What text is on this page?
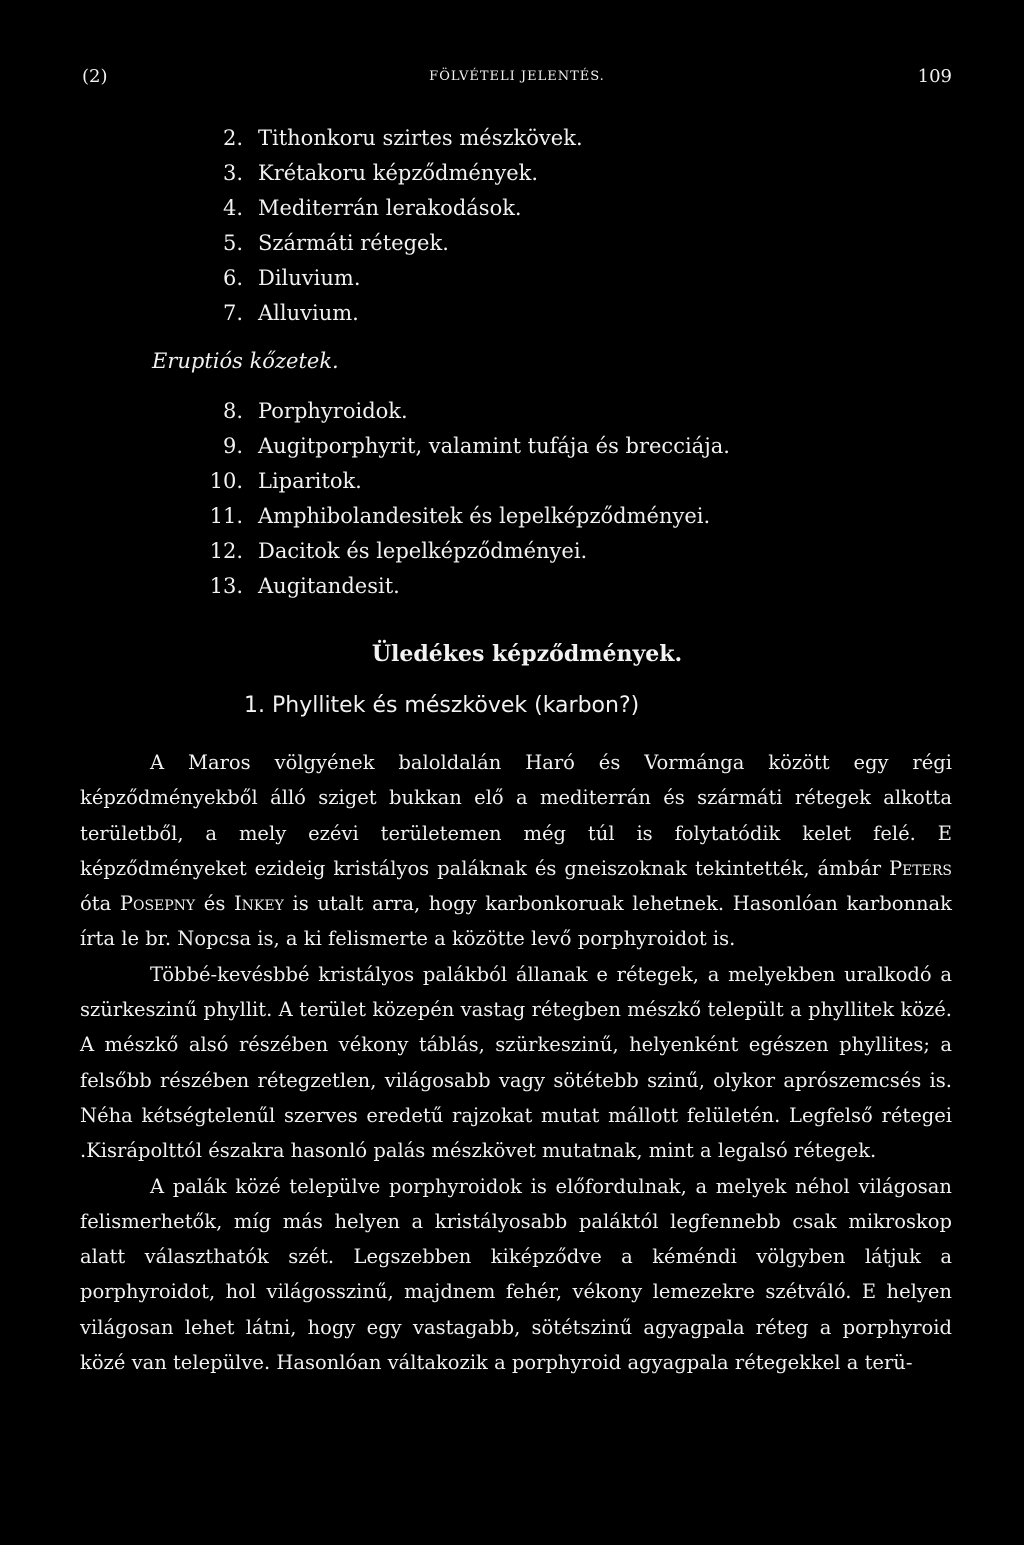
(2)	FÖLVÉTELI JELENTÉS.	109
2. Tithonkoru szirtes mészkövek.
3. Krétakoru képződmények.
4. Mediterrán lerakodások.
5. Szármáti rétegek.
6. Diluvium.
7. Alluvium.
Eruptiós kőzetek.
8. Porphyroidok.
9. Augitporphyrit, valamint tufája és brecciája.
10. Liparitok.
11. Amphibolandesitek és lepelképződményei.
12. Dacitok és lepelképződményei.
13. Augitandesit.
Üledékes képződmények.
1. Phyllitek és mészkövek (karbon?)

A Maros völgyének baloldalán Haró és Vormánga között egy régi képződményekből álló sziget bukkan elő a mediterrán és szármáti rétegek alkotta területből, a mely ezévi területemen még túl is folytatódik kelet felé. E képződményeket ezideig kristályos paláknak és gneiszoknak tekintették, ámbár Peters óta Posepny és Inkey is utalt arra, hogy karbonkoruak lehetnek. Hasonlóan karbonnak írta le br. Nopcsa is, a ki felismerte a közötte levő porphyroidot is.

Többé-kevésbbé kristályos palákból állanak e rétegek, a melyekben uralkodó a szürkeszinű phyllit. A terület közepén vastag rétegben mészkő települt a phyllitek közé. A mészkő alsó részében vékony táblás, szürkeszinű, helyenként egészen phyllites; a felsőbb részében rétegzetlen, világosabb vagy sötétebb szinű, olykor aprószemcsés is. Néha kétségtelenűl szerves eredetű rajzokat mutat mállott felületén. Legfelső rétegei .Kisrápolttól északra hasonló palás mészkövet mutatnak, mint a legalsó rétegek.

A palák közé települve porphyroidok is előfordulnak, a melyek néhol világosan felismerhetők, míg más helyen a kristályosabb paláktól legfennebb csak mikroskop alatt választhatók szét. Legszebben kiképződve a kéméndi völgyben látjuk a porphyroidot, hol világosszinű, majdnem fehér, vékony lemezekre szétváló. E helyen világosan lehet látni, hogy egy vastagabb, sötétszinű agyagpala réteg a porphyroid közé van települve. Hasonlóan váltakozik a porphyroid agyagpala rétegekkel a terü-
